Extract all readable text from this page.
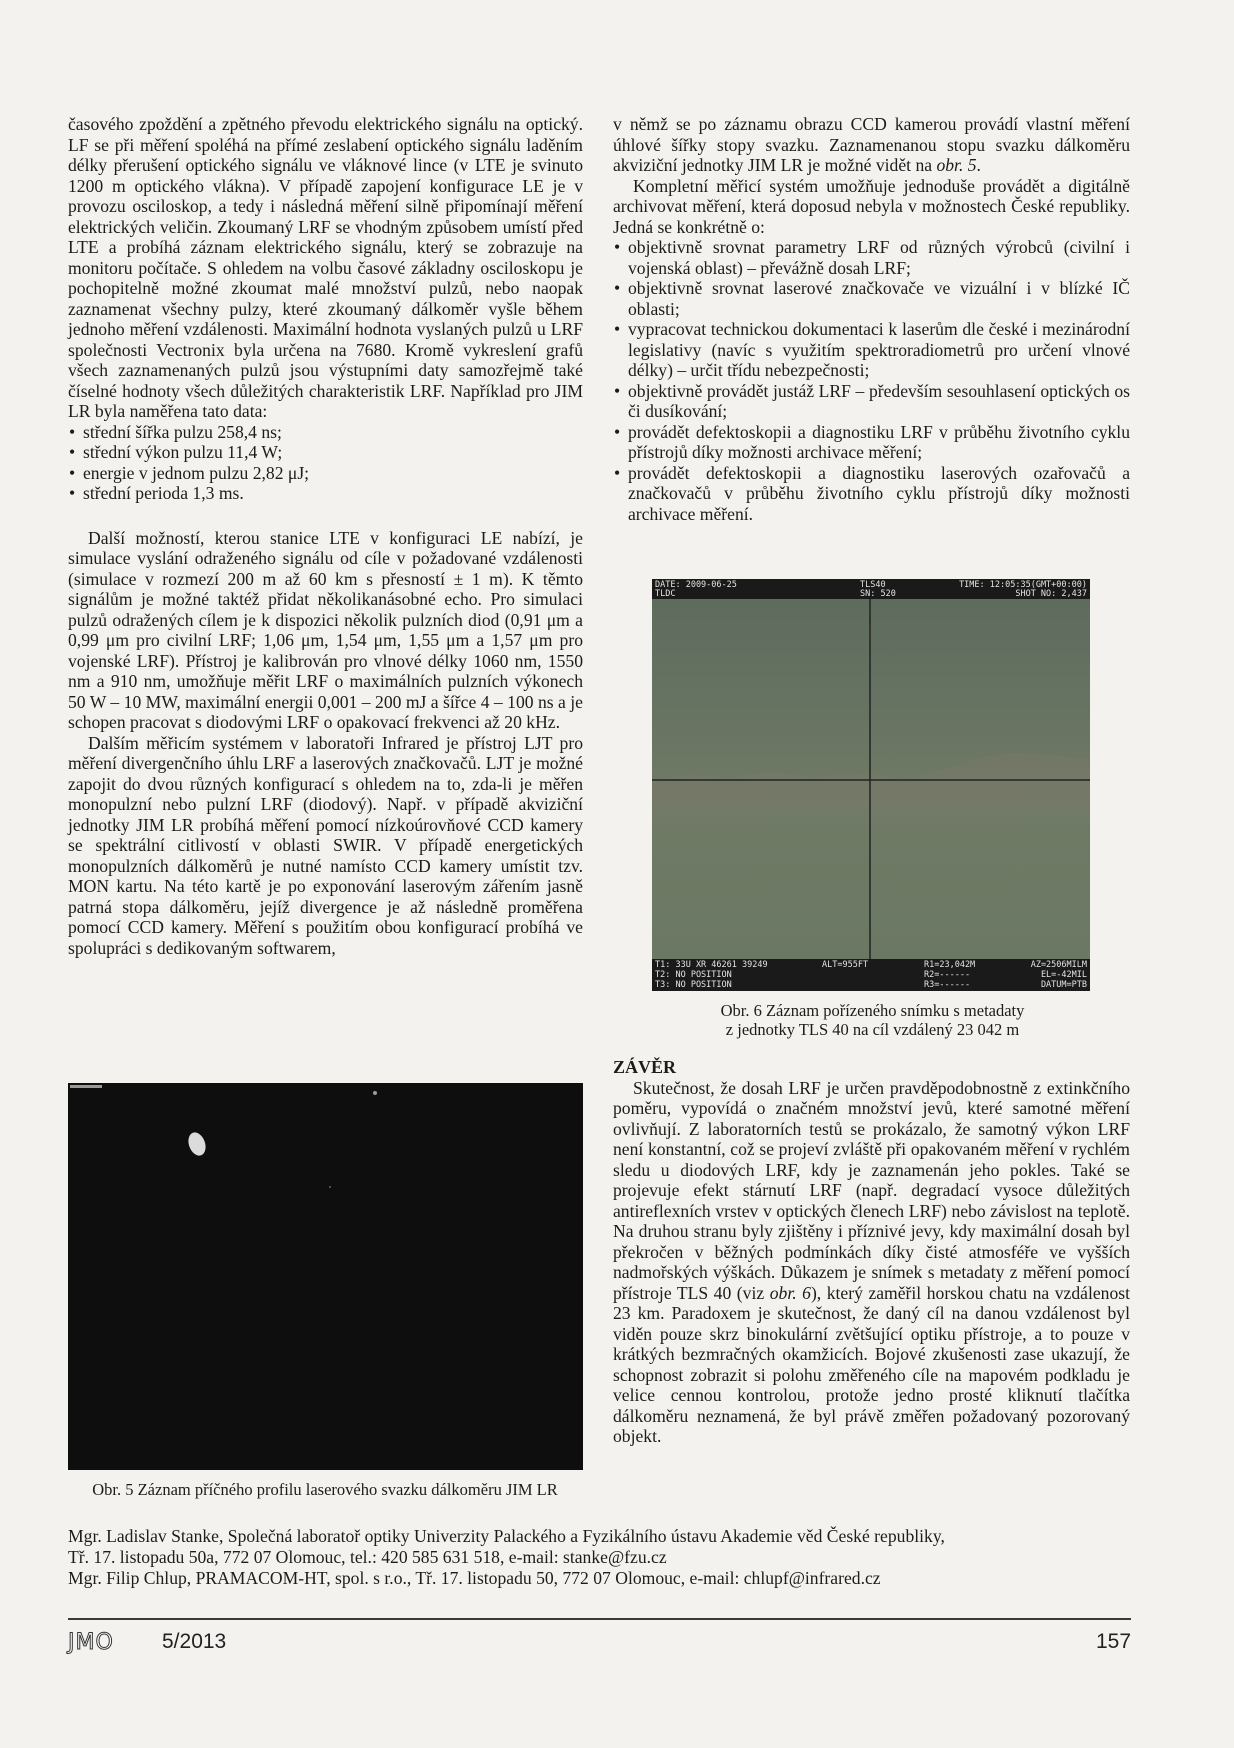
časového zpoždění a zpětného převodu elektrického signálu na optický. LF se při měření spoléhá na přímé zeslabení optického signálu laděním délky přerušení optického signálu ve vláknové lince (v LTE je svinuto 1200 m optického vlákna). V případě zapojení konfigurace LE je v provozu osciloskop, a tedy i následná měření silně připomínají měření elektrických veličin. Zkoumaný LRF se vhodným způsobem umístí před LTE a probíhá záznam elektrického signálu, který se zobrazuje na monitoru počítače. S ohledem na volbu časové základny osciloskopu je pochopitelně možné zkoumat malé množství pulzů, nebo naopak zaznamenat všechny pulzy, které zkoumaný dálkoměr vyšle během jednoho měření vzdálenosti. Maximální hodnota vyslaných pulzů u LRF společnosti Vectronix byla určena na 7680. Kromě vykreslení grafů všech zaznamenaných pulzů jsou výstupními daty samozřejmě také číselné hodnoty všech důležitých charakteristik LRF. Například pro JIM LR byla naměřena tato data:

• střední šířka pulzu 258,4 ns;
• střední výkon pulzu 11,4 W;
• energie v jednom pulzu 2,82 μJ;
• střední perioda 1,3 ms.

Další možností, kterou stanice LTE v konfiguraci LE nabízí, je simulace vyslání odraženého signálu od cíle v požadované vzdálenosti (simulace v rozmezí 200 m až 60 km s přesností ± 1 m). K těmto signálům je možné taktéž přidat několikanásobné echo. Pro simulaci pulzů odražených cílem je k dispozici několik pulzních diod (0,91 μm a 0,99 μm pro civilní LRF; 1,06 μm, 1,54 μm, 1,55 μm a 1,57 μm pro vojenské LRF). Přístroj je kalibrován pro vlnové délky 1060 nm, 1550 nm a 910 nm, umožňuje měřit LRF o maximálních pulzních výkonech 50 W – 10 MW, maximální energii 0,001 – 200 mJ a šířce 4 – 100 ns a je schopen pracovat s diodovými LRF o opakovací frekvenci až 20 kHz.

Dalším měřicím systémem v laboratoři Infrared je přístroj LJT pro měření divergenčního úhlu LRF a laserových značkovačů. LJT je možné zapojit do dvou různých konfigurací s ohledem na to, zda-li je měřen monopulzní nebo pulzní LRF (diodový). Např. v případě akviziční jednotky JIM LR probíhá měření pomocí nízkoúrovňové CCD kamery se spektrální citlivostí v oblasti SWIR. V případě energetických monopulzních dálkoměrů je nutné namísto CCD kamery umístit tzv. MON kartu. Na této kartě je po exponování laserovým zářením jasně patrná stopa dálkoměru, jejíž divergence je až následně proměřena pomocí CCD kamery. Měření s použitím obou konfigurací probíhá ve spolupráci s dedikovaným softwarem,

Obr. 5 Záznam příčného profilu laserového svazku dálkoměru JIM LR

v němž se po záznamu obrazu CCD kamerou provádí vlastní měření úhlové šířky stopy svazku. Zaznamenanou stopu svazku dálkoměru akviziční jednotky JIM LR je možné vidět na obr. 5.

Kompletní měřicí systém umožňuje jednoduše provádět a digitálně archivovat měření, která doposud nebyla v možnostech České republiky. Jedná se konkrétně o:

• objektivně srovnat parametry LRF od různých výrobců (civilní i vojenská oblast) – převážně dosah LRF;
• objektivně srovnat laserové značkovače ve vizuální i v blízké IČ oblasti;
• vypracovat technickou dokumentaci k laserům dle české i mezinárodní legislativy (navíc s využitím spektroradiometrů pro určení vlnové délky) – určit třídu nebezpečnosti;
• objektivně provádět justáž LRF – především sesouhlasení optických os či dusíkování;
• provádět defektoskopii a diagnostiku LRF v průběhu životního cyklu přístrojů díky možnosti archivace měření;
• provádět defektoskopii a diagnostiku laserových ozařovačů a značkovačů v průběhu životního cyklu přístrojů díky možnosti archivace měření.
DATE: 2009-06-25
TLDC
TLS40
SN: 520
TIME: 12:05:35(GMT+00:00)
SHOT NO: 2,437
T1: 33U XR 46261 39249
T2: NO POSITION
T3: NO POSITION
ALT=955FT	R1=23,042M
R2=------
R3=------
AZ=2506MILM
EL=-42MIL
DATUM=PTB
Obr. 6 Záznam pořízeného snímku s metadaty
z jednotky TLS 40 na cíl vzdálený 23 042 m

ZÁVĚR

Skutečnost, že dosah LRF je určen pravděpodobnostně z extinkčního poměru, vypovídá o značném množství jevů, které samotné měření ovlivňují. Z laboratorních testů se prokázalo, že samotný výkon LRF není konstantní, což se projeví zvláště při opakovaném měření v rychlém sledu u diodových LRF, kdy je zaznamenán jeho pokles. Také se projevuje efekt stárnutí LRF (např. degradací vysoce důležitých antireflexních vrstev v optických členech LRF) nebo závislost na teplotě. Na druhou stranu byly zjištěny i příznivé jevy, kdy maximální dosah byl překročen v běžných podmínkách díky čisté atmosféře ve vyšších nadmořských výškách. Důkazem je snímek s metadaty z měření pomocí přístroje TLS 40 (viz obr. 6), který zaměřil horskou chatu na vzdálenost 23 km. Paradoxem je skutečnost, že daný cíl na danou vzdálenost byl viděn pouze skrz binokulární zvětšující optiku přístroje, a to pouze v krátkých bezmračných okamžicích. Bojové zkušenosti zase ukazují, že schopnost zobrazit si polohu změřeného cíle na mapovém podkladu je velice cennou kontrolou, protože jedno prosté kliknutí tlačítka dálkoměru neznamená, že byl právě změřen požadovaný pozorovaný objekt.

Mgr. Ladislav Stanke, Společná laboratoř optiky Univerzity Palackého a Fyzikálního ústavu Akademie věd České republiky,

Tř. 17. listopadu 50a, 772 07 Olomouc, tel.: 420 585 631 518, e-mail: stanke@fzu.cz

Mgr. Filip Chlup, PRAMACOM-HT, spol. s r.o., Tř. 17. listopadu 50, 772 07 Olomouc, e-mail: chlupf@infrared.cz

JMO 5/2013	157
